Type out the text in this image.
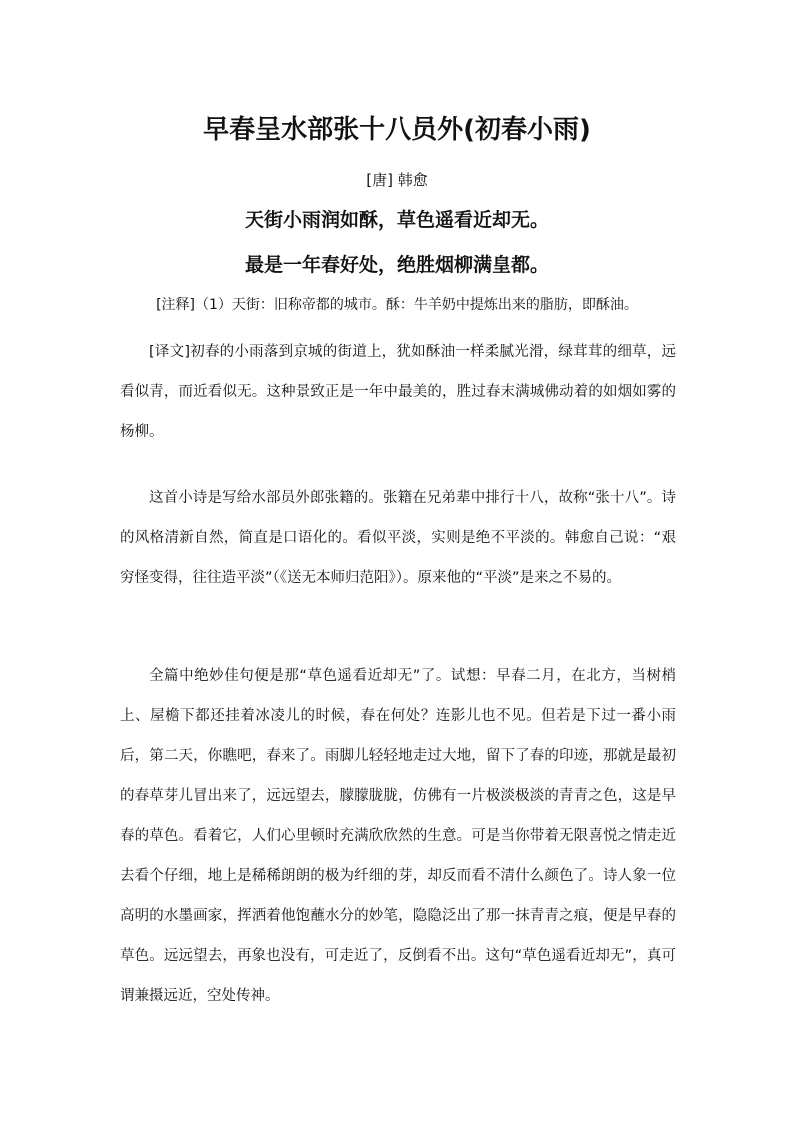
早春呈水部张十八员外(初春小雨)
[唐] 韩愈
天街小雨润如酥，草色遥看近却无。
最是一年春好处，绝胜烟柳满皇都。
[注释]（1）天街：旧称帝都的城市。酥：牛羊奶中提炼出来的脂肪，即酥油。

[译文]初春的小雨落到京城的街道上，犹如酥油一样柔腻光滑，绿茸茸的细草，远看似青，而近看似无。这种景致正是一年中最美的，胜过春末满城佛动着的如烟如雾的杨柳。

这首小诗是写给水部员外郎张籍的。张籍在兄弟辈中排行十八，故称“张十八”。诗的风格清新自然，简直是口语化的。看似平淡，实则是绝不平淡的。韩愈自己说：“艰穷怪变得，往往造平淡”（《送无本师归范阳》）。原来他的“平淡”是来之不易的。

全篇中绝妙佳句便是那“草色遥看近却无”了。试想：早春二月，在北方，当树梢上、屋檐下都还挂着冰凌儿的时候，春在何处？连影儿也不见。但若是下过一番小雨后，第二天，你瞧吧，春来了。雨脚儿轻轻地走过大地，留下了春的印迹，那就是最初的春草芽儿冒出来了，远远望去，朦朦胧胧，仿佛有一片极淡极淡的青青之色，这是早春的草色。看着它，人们心里顿时充满欣欣然的生意。可是当你带着无限喜悦之情走近去看个仔细，地上是稀稀朗朗的极为纤细的芽，却反而看不清什么颜色了。诗人象一位高明的水墨画家，挥洒着他饱蘸水分的妙笔，隐隐泛出了那一抹青青之痕，便是早春的草色。远远望去，再象也没有，可走近了，反倒看不出。这句“草色遥看近却无”，真可谓兼摄远近，空处传神。
